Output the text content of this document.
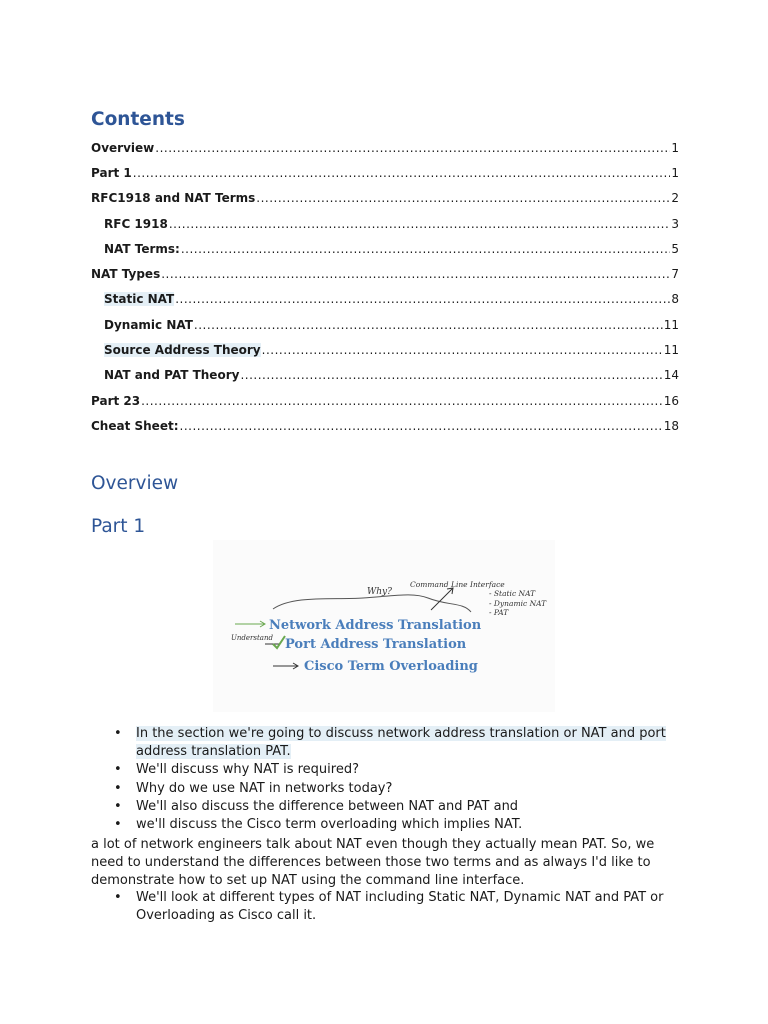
Contents
Overview .....	1
Part 1 .....	1
RFC1918 and NAT Terms .....	2
RFC 1918 .....	3
NAT Terms: .....	5
NAT Types .....	7
Static NAT .....	8
Dynamic NAT .....	11
Source Address Theory .....	11
NAT and PAT Theory .....	14
Part 23 .....	16
Cheat Sheet: .....	18
Overview
Part 1
Why?
Command Line Interface
- Static NAT
- Dynamic NAT
- PAT
Network Address Translation
Understand Port Address Translation
Cisco Term Overloading
• In the section we're going to discuss network address translation or NAT and port address translation PAT.
• We'll discuss why NAT is required?
• Why do we use NAT in networks today?
• We'll also discuss the difference between NAT and PAT and
• we'll discuss the Cisco term overloading which implies NAT.
a lot of network engineers talk about NAT even though they actually mean PAT. So, we need to understand the differences between those two terms and as always I'd like to demonstrate how to set up NAT using the command line interface.
• We'll look at different types of NAT including Static NAT, Dynamic NAT and PAT or Overloading as Cisco call it.
